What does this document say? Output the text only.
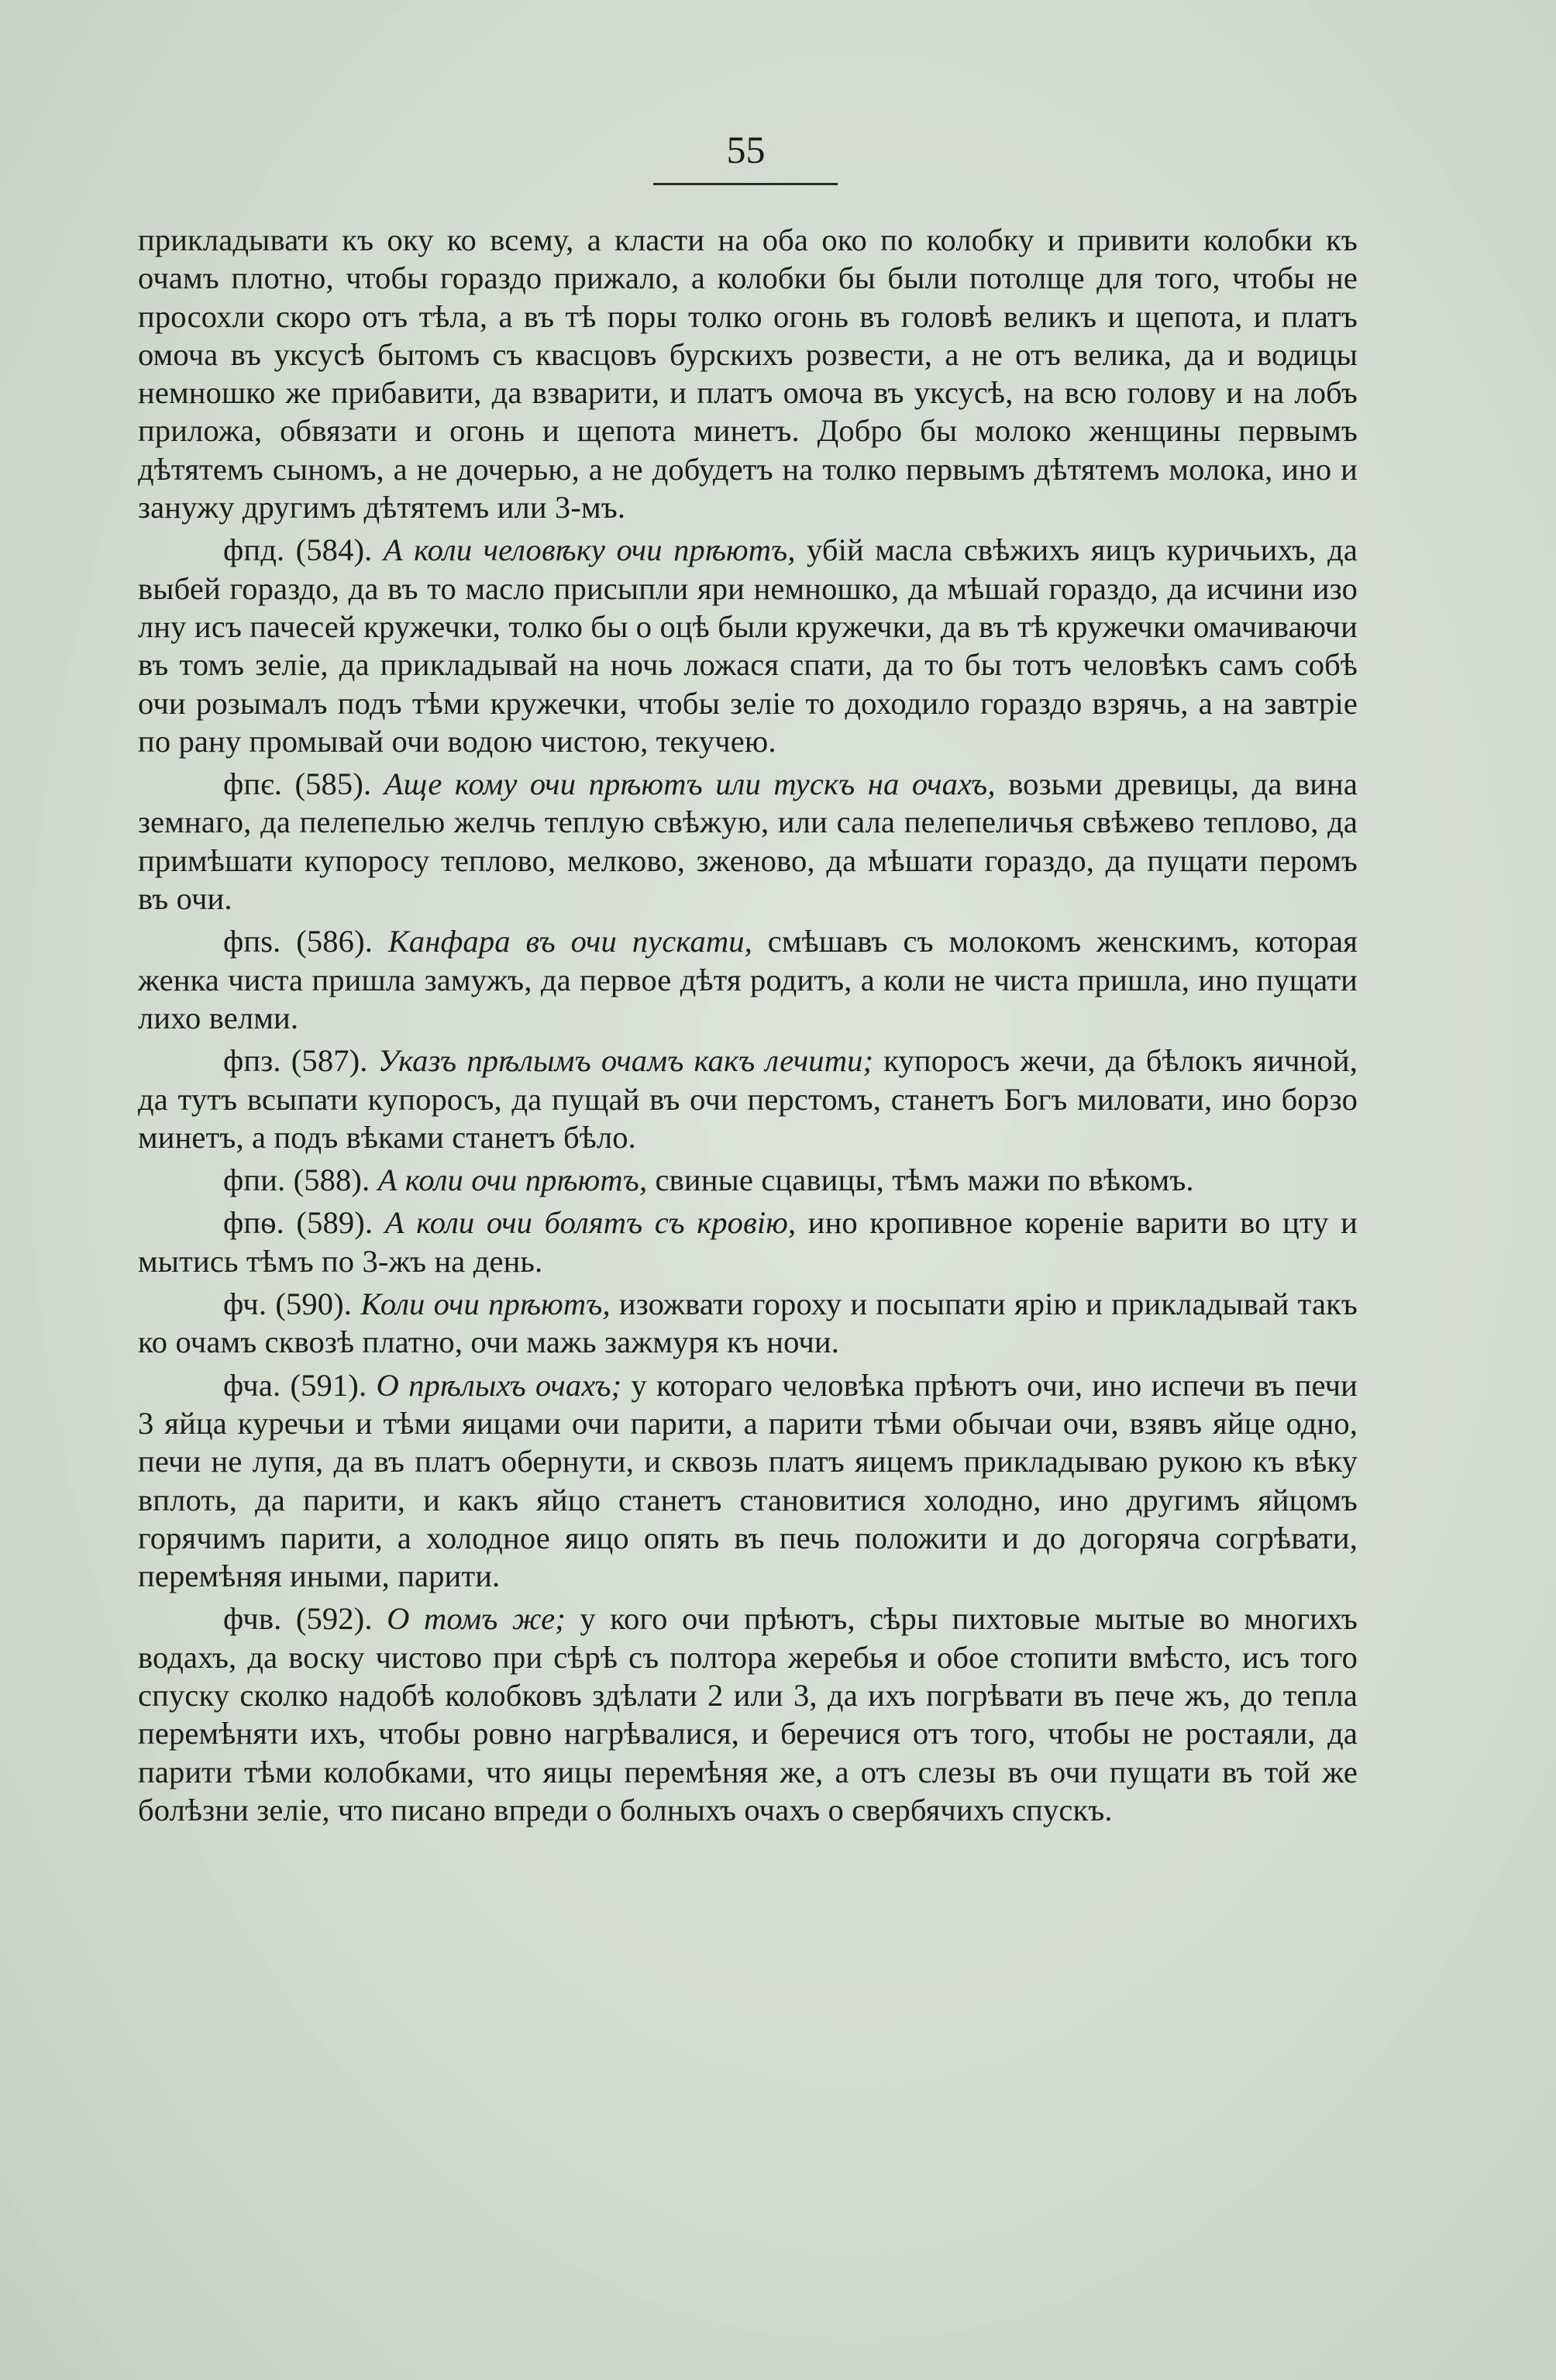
55

прикладывати къ оку ко всему, а класти на оба око по колобку и привити колобки къ очамъ плотно, чтобы гораздо прижало, а колобки бы были потолще для того, чтобы не просохли скоро отъ тѣла, а въ тѣ поры толко огонь въ головѣ великъ и щепота, и платъ омоча въ уксусѣ бытомъ съ квасцовъ бурскихъ розвести, а не отъ велика, да и водицы немношко же прибавити, да взварити, и платъ омоча въ уксусѣ, на всю голову и на лобъ приложа, обвязати и огонь и щепота минетъ. Добро бы молоко женщины первымъ дѣтятемъ сыномъ, а не дочерью, а не добудетъ на толко первымъ дѣтятемъ молока, ино и занужу другимъ дѣтятемъ или 3-мъ.

фпд. (584). А коли человѣку очи прѣютъ, убій масла свѣжихъ яицъ куричьихъ, да выбей гораздо, да въ то масло присыпли яри немношко, да мѣшай гораздо, да исчини изо лну исъ пачесей кружечки, толко бы о оцѣ были кружечки, да въ тѣ кружечки омачиваючи въ томъ зеліе, да прикладывай на ночь ложася спати, да то бы тотъ человѣкъ самъ собѣ очи розымалъ подъ тѣми кружечки, чтобы зеліе то доходило гораздо взрячь, а на завтріе по рану промывай очи водою чистою, текучею.

фпє. (585). Аще кому очи прѣютъ или тускъ на очахъ, возьми древицы, да вина земнаго, да пелепелью желчь теплую свѣжую, или сала пелепеличья свѣжево теплово, да примѣшати купоросу теплово, мелково, зженово, да мѣшати гораздо, да пущати перомъ въ очи.

фпѕ. (586). Канфара въ очи пускати, смѣшавъ съ молокомъ женскимъ, которая женка чиста пришла замужъ, да первое дѣтя родитъ, а коли не чиста пришла, ино пущати лихо велми.

фпз. (587). Указъ прѣлымъ очамъ какъ лечити; купоросъ жечи, да бѣлокъ яичной, да тутъ всыпати купоросъ, да пущай въ очи перстомъ, станетъ Богъ миловати, ино борзо минетъ, а подъ вѣками станетъ бѣло.

фпи. (588). А коли очи прѣютъ, свиные сцавицы, тѣмъ мажи по вѣкомъ.

фпѳ. (589). А коли очи болятъ съ кровію, ино кропивное кореніе варити во цту и мытись тѣмъ по 3-жъ на день.

фч. (590). Коли очи прѣютъ, изожвати гороху и посыпати ярію и прикладывай такъ ко очамъ сквозѣ платно, очи мажь зажмуря къ ночи.

фча. (591). О прѣлыхъ очахъ; у котораго человѣка прѣютъ очи, ино испечи въ печи 3 яйца куречьи и тѣми яицами очи парити, а парити тѣми обычаи очи, взявъ яйце одно, печи не лупя, да въ платъ обернути, и сквозь платъ яицемъ прикладываю рукою къ вѣку вплоть, да парити, и какъ яйцо станетъ становитися холодно, ино другимъ яйцомъ горячимъ парити, а холодное яицо опять въ печь положити и до догоряча согрѣвати, перемѣняя иными, парити.

фчв. (592). О томъ же; у кого очи прѣютъ, сѣры пихтовые мытые во многихъ водахъ, да воску чистово при сѣрѣ съ полтора жеребья и обое стопити вмѣсто, исъ того спуску сколко надобѣ колобковъ здѣлати 2 или 3, да ихъ погрѣвати въ пече жъ, до тепла перемѣняти ихъ, чтобы ровно нагрѣвалися, и беречися отъ того, чтобы не ростаяли, да парити тѣми колобками, что яицы перемѣняя же, а отъ слезы въ очи пущати въ той же болѣзни зеліе, что писано впреди о болныхъ очахъ о свербячихъ спускъ.
